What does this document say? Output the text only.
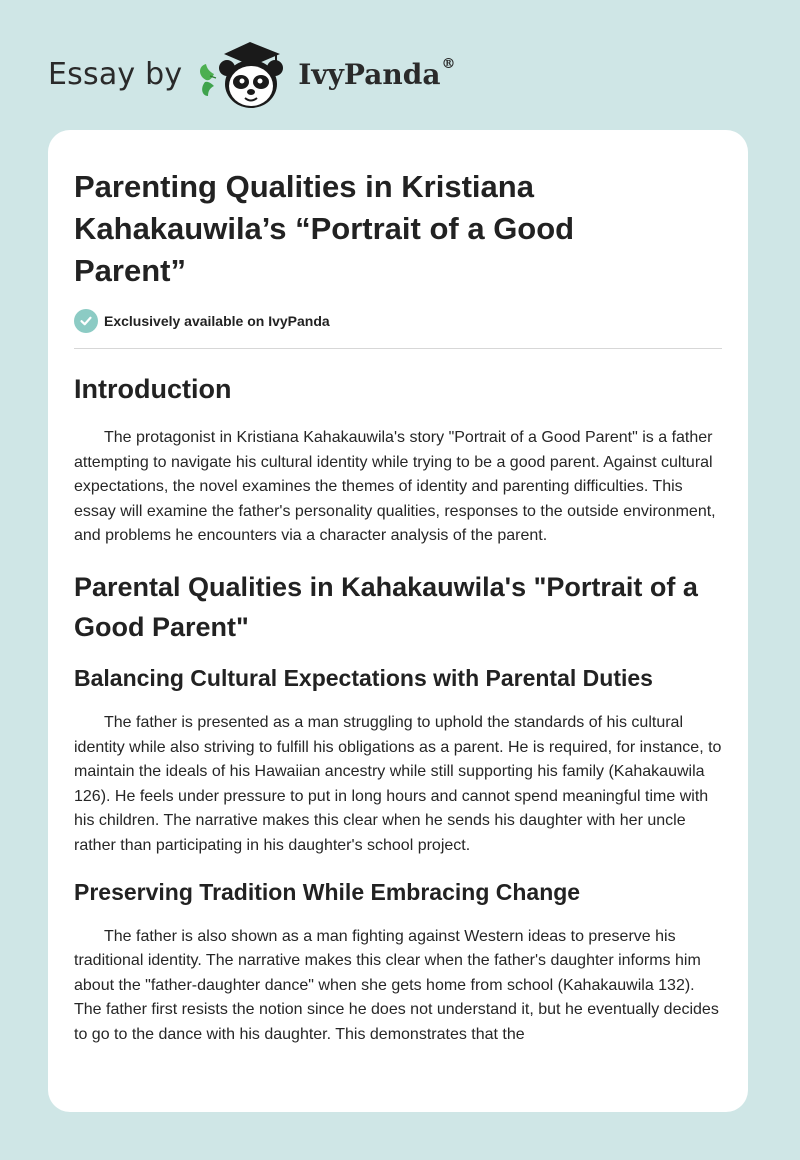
Essay by	IvyPanda®
Parenting Qualities in Kristiana Kahakauwila’s “Portrait of a Good Parent”
Exclusively available on IvyPanda
Introduction

The protagonist in Kristiana Kahakauwila's story "Portrait of a Good Parent" is a father attempting to navigate his cultural identity while trying to be a good parent. Against cultural expectations, the novel examines the themes of identity and parenting difficulties. This essay will examine the father's personality qualities, responses to the outside environment, and problems he encounters via a character analysis of the parent.

Parental Qualities in Kahakauwila's "Portrait of a Good Parent"
Balancing Cultural Expectations with Parental Duties

The father is presented as a man struggling to uphold the standards of his cultural identity while also striving to fulfill his obligations as a parent. He is required, for instance, to maintain the ideals of his Hawaiian ancestry while still supporting his family (Kahakauwila 126). He feels under pressure to put in long hours and cannot spend meaningful time with his children. The narrative makes this clear when he sends his daughter with her uncle rather than participating in his daughter's school project.

Preserving Tradition While Embracing Change

The father is also shown as a man fighting against Western ideas to preserve his traditional identity. The narrative makes this clear when the father's daughter informs him about the "father-daughter dance" when she gets home from school (Kahakauwila 132). The father first resists the notion since he does not understand it, but he eventually decides to go to the dance with his daughter. This demonstrates that the
